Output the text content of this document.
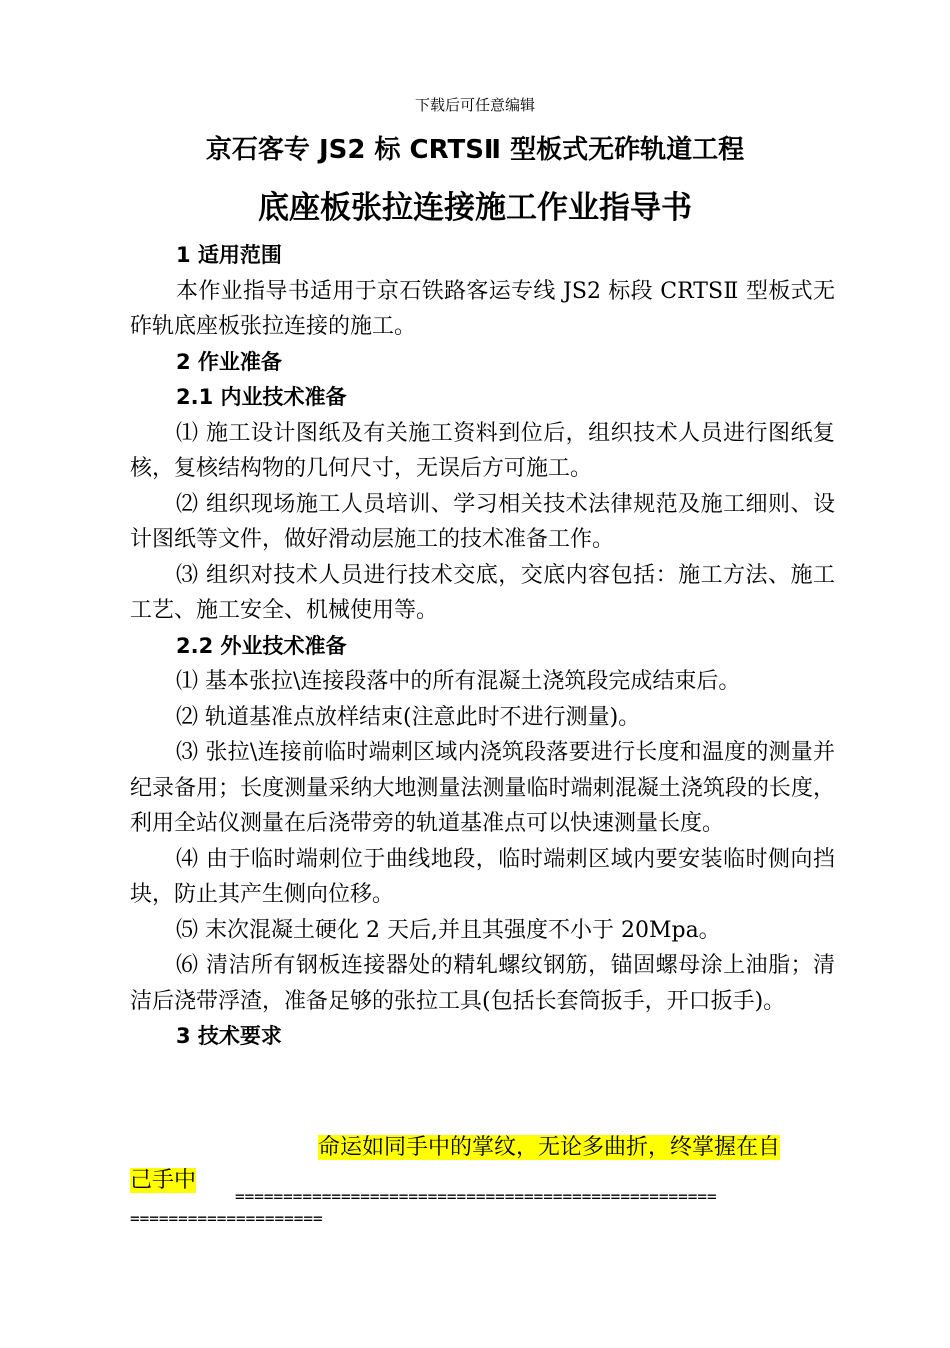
下载后可任意编辑
京石客专 JS2 标 CRTSⅡ 型板式无砟轨道工程
底座板张拉连接施工作业指导书

1 适用范围

本作业指导书适用于京石铁路客运专线 JS2 标段 CRTSⅡ 型板式无砟轨底座板张拉连接的施工。

2 作业准备

2.1 内业技术准备

⑴ 施工设计图纸及有关施工资料到位后，组织技术人员进行图纸复核，复核结构物的几何尺寸，无误后方可施工。

⑵ 组织现场施工人员培训、学习相关技术法律规范及施工细则、设计图纸等文件，做好滑动层施工的技术准备工作。

⑶ 组织对技术人员进行技术交底，交底内容包括：施工方法、施工工艺、施工安全、机械使用等。

2.2 外业技术准备

⑴ 基本张拉\连接段落中的所有混凝土浇筑段完成结束后。

⑵ 轨道基准点放样结束(注意此时不进行测量)。

⑶ 张拉\连接前临时端刺区域内浇筑段落要进行长度和温度的测量并纪录备用；长度测量采纳大地测量法测量临时端刺混凝土浇筑段的长度，利用全站仪测量在后浇带旁的轨道基准点可以快速测量长度。

⑷ 由于临时端刺位于曲线地段，临时端刺区域内要安装临时侧向挡块，防止其产生侧向位移。

⑸ 末次混凝土硬化 2 天后,并且其强度不小于 20Mpa。

⑹ 清洁所有钢板连接器处的精轧螺纹钢筋，锚固螺母涂上油脂；清洁后浇带浮渣，准备足够的张拉工具(包括长套筒扳手，开口扳手)。

3 技术要求

命运如同手中的掌纹，无论多曲折，终掌握在自
己手中
==================================================
====================
